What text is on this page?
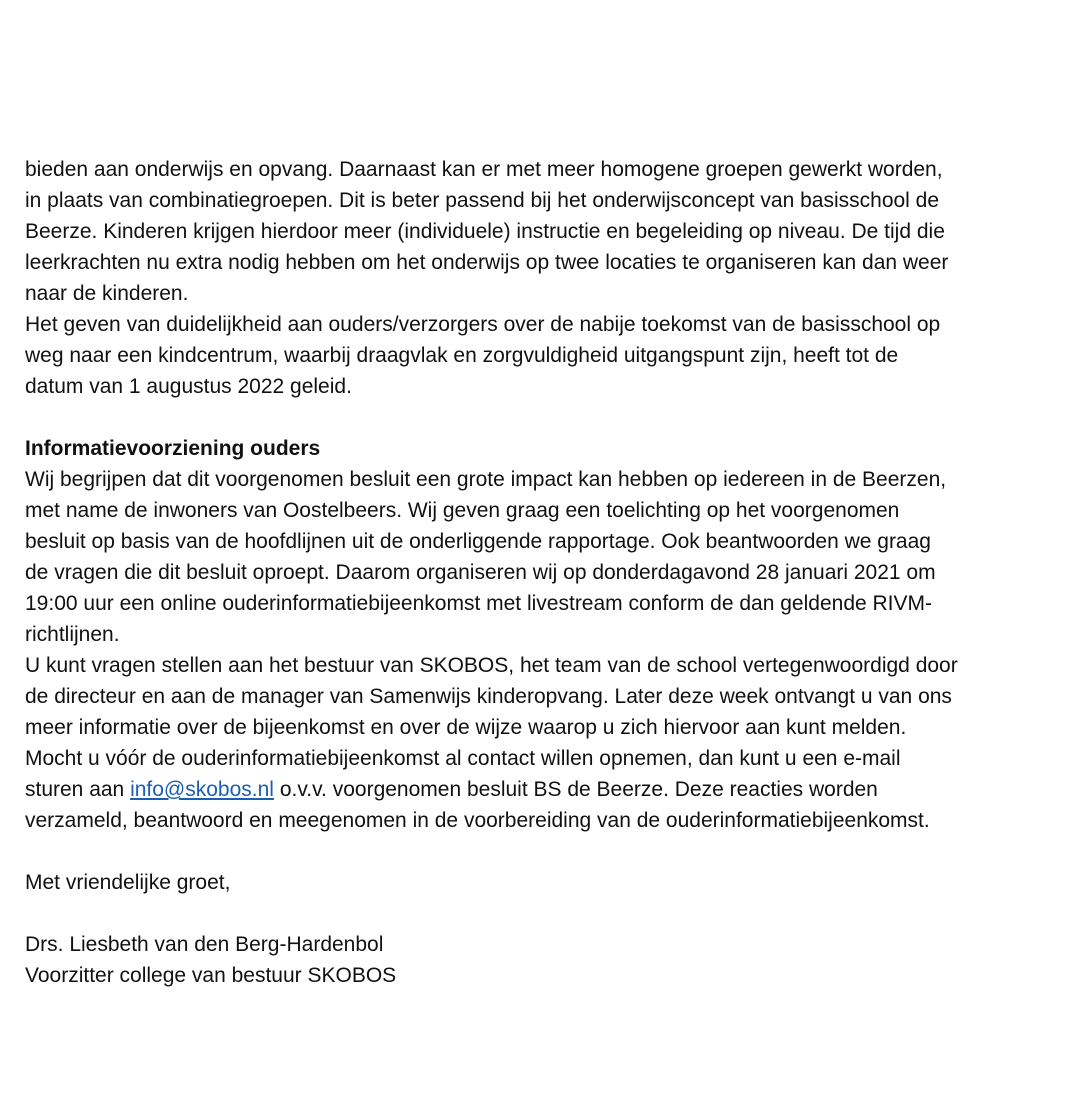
bieden aan onderwijs en opvang. Daarnaast kan er met meer homogene groepen gewerkt worden,
in plaats van combinatiegroepen. Dit is beter passend bij het onderwijsconcept van basisschool de
Beerze. Kinderen krijgen hierdoor meer (individuele) instructie en begeleiding op niveau. De tijd die
leerkrachten nu extra nodig hebben om het onderwijs op twee locaties te organiseren kan dan weer
naar de kinderen.
Het geven van duidelijkheid aan ouders/verzorgers over de nabije toekomst van de basisschool op
weg naar een kindcentrum, waarbij draagvlak en zorgvuldigheid uitgangspunt zijn, heeft tot de
datum van 1 augustus 2022 geleid.
Informatievoorziening ouders
Wij begrijpen dat dit voorgenomen besluit een grote impact kan hebben op iedereen in de Beerzen,
met name de inwoners van Oostelbeers. Wij geven graag een toelichting op het voorgenomen
besluit op basis van de hoofdlijnen uit de onderliggende rapportage. Ook beantwoorden we graag
de vragen die dit besluit oproept. Daarom organiseren wij op donderdagavond 28 januari 2021 om
19:00 uur een online ouderinformatiebijeenkomst met livestream conform de dan geldende RIVM-
richtlijnen.
U kunt vragen stellen aan het bestuur van SKOBOS, het team van de school vertegenwoordigd door
de directeur en aan de manager van Samenwijs kinderopvang. Later deze week ontvangt u van ons
meer informatie over de bijeenkomst en over de wijze waarop u zich hiervoor aan kunt melden.
Mocht u vóór de ouderinformatiebijeenkomst al contact willen opnemen, dan kunt u een e-mail
sturen aan info@skobos.nl o.v.v. voorgenomen besluit BS de Beerze. Deze reacties worden
verzameld, beantwoord en meegenomen in de voorbereiding van de ouderinformatiebijeenkomst.
Met vriendelijke groet,
Drs. Liesbeth van den Berg-Hardenbol
Voorzitter college van bestuur SKOBOS
